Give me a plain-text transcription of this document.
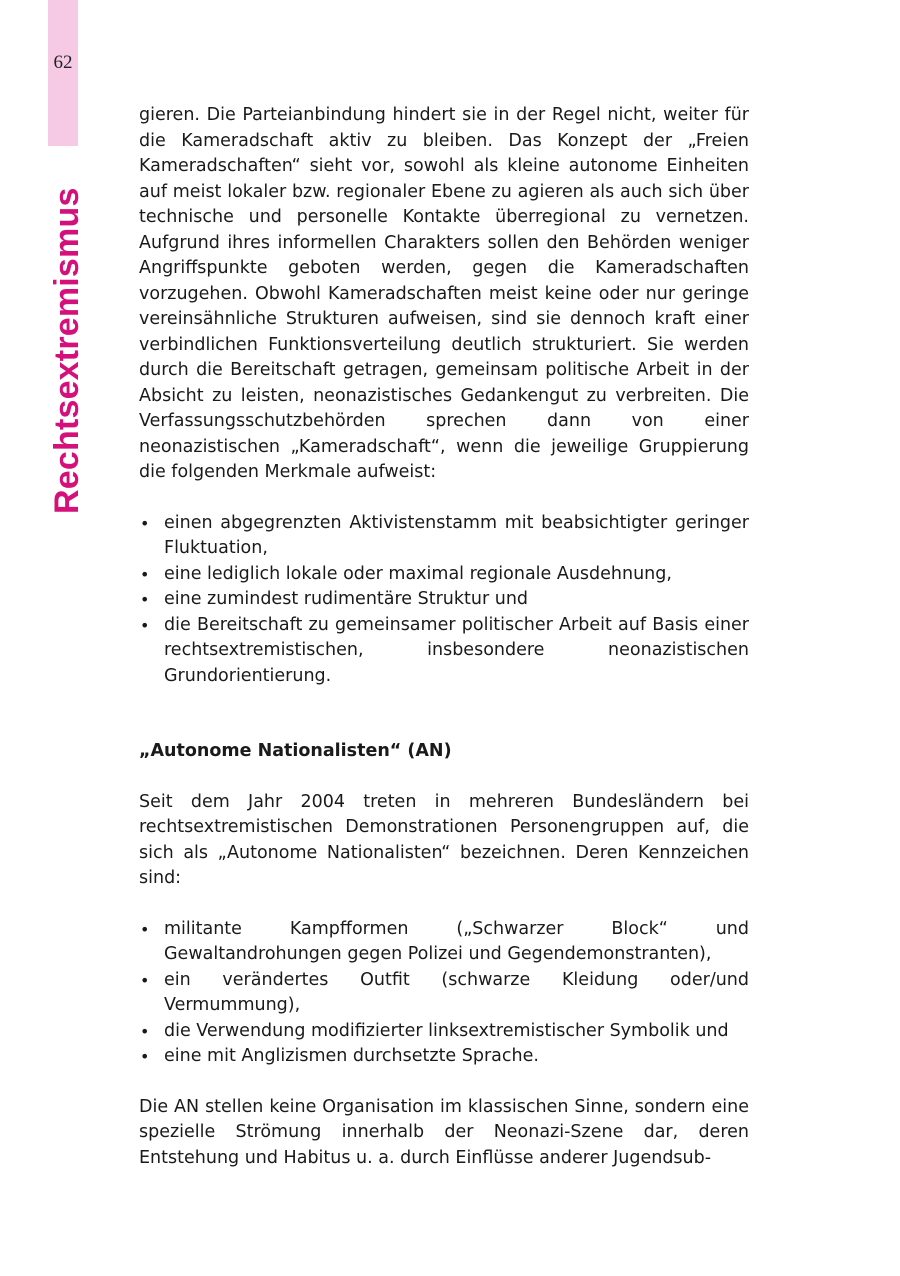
62
Rechtsextremismus

gieren. Die Parteianbindung hindert sie in der Regel nicht, weiter für die Kameradschaft aktiv zu bleiben. Das Konzept der „Freien Kameradschaften“ sieht vor, sowohl als kleine autonome Einheiten auf meist lokaler bzw. regionaler Ebene zu agieren als auch sich über technische und personelle Kontakte überregional zu vernetzen. Aufgrund ihres informellen Charakters sollen den Behörden weniger Angriffspunkte geboten werden, gegen die Kameradschaften vorzugehen. Obwohl Kameradschaften meist keine oder nur geringe vereinsähnliche Strukturen aufweisen, sind sie dennoch kraft einer verbindlichen Funktionsverteilung deutlich strukturiert. Sie werden durch die Bereitschaft getragen, gemeinsam politische Arbeit in der Absicht zu leisten, neonazistisches Gedankengut zu verbreiten. Die Verfassungsschutzbehörden sprechen dann von einer neonazistischen „Kameradschaft“, wenn die jeweilige Gruppierung die folgenden Merkmale aufweist:

• einen abgegrenzten Aktivistenstamm mit beabsichtigter geringer Fluktuation,
• eine lediglich lokale oder maximal regionale Ausdehnung,
• eine zumindest rudimentäre Struktur und
• die Bereitschaft zu gemeinsamer politischer Arbeit auf Basis einer rechtsextremistischen, insbesondere neonazistischen Grundorientierung.
„Autonome Nationalisten“ (AN)

Seit dem Jahr 2004 treten in mehreren Bundesländern bei rechtsextremistischen Demonstrationen Personengruppen auf, die sich als „Autonome Nationalisten“ bezeichnen. Deren Kennzeichen sind:

• militante Kampfformen („Schwarzer Block“ und Gewaltandrohungen gegen Polizei und Gegendemonstranten),
• ein verändertes Outfit (schwarze Kleidung oder/und Vermummung),
• die Verwendung modifizierter linksextremistischer Symbolik und
• eine mit Anglizismen durchsetzte Sprache.

Die AN stellen keine Organisation im klassischen Sinne, sondern eine spezielle Strömung innerhalb der Neonazi-Szene dar, deren Entstehung und Habitus u. a. durch Einflüsse anderer Jugendsub-
